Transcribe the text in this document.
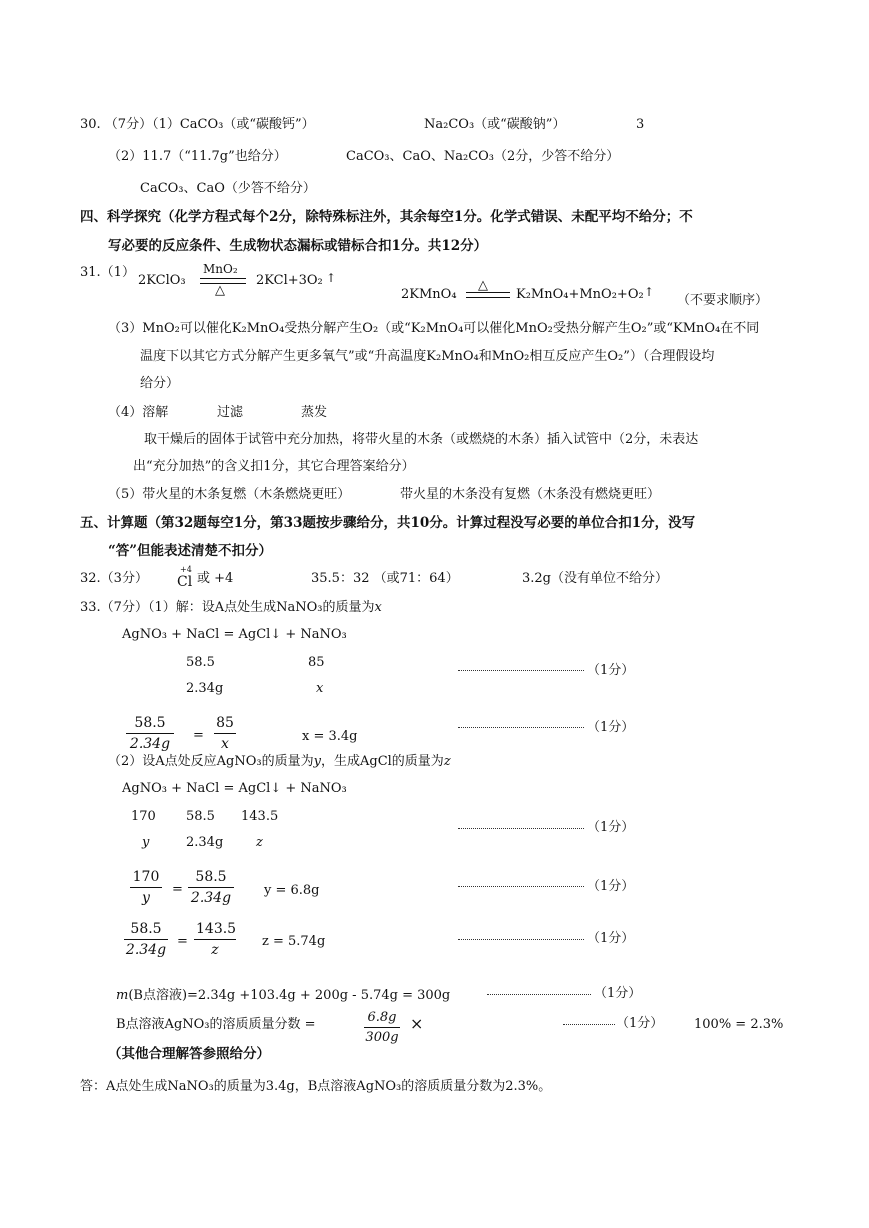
30. （7分）（1）CaCO₃（或“碳酸钙”）	Na₂CO₃（或“碳酸钠”）	3
（2）11.7（“11.7g”也给分）	CaCO₃、CaO、Na₂CO₃（2分，少答不给分）
CaCO₃、CaO（少答不给分）
四、科学探究（化学方程式每个2分，除特殊标注外，其余每空1分。化学式错误、未配平均不给分；不
写必要的反应条件、生成物状态漏标或错标合扣1分。共12分）
31.（1）
2KClO₃
MnO₂
△
2KCl+3O₂ ↑	△
2KMnO₄	K₂MnO₄+MnO₂+O₂ ↑
（不要求顺序）
（3）MnO₂可以催化K₂MnO₄受热分解产生O₂（或“K₂MnO₄可以催化MnO₂受热分解产生O₂”或“KMnO₄在不同
温度下以其它方式分解产生更多氧气”或“升高温度K₂MnO₄和MnO₂相互反应产生O₂”）（合理假设均
给分）
（4）溶解	过滤	蒸发
取干燥后的固体于试管中充分加热，将带火星的木条（或燃烧的木条）插入试管中（2分，未表达
出“充分加热”的含义扣1分，其它合理答案给分）
（5）带火星的木条复燃（木条燃烧更旺）	带火星的木条没有复燃（木条没有燃烧更旺）
五、计算题（第32题每空1分，第33题按步骤给分，共10分。计算过程没写必要的单位合扣1分，没写
“答”但能表述清楚不扣分）
32.（3分）
+4
Cl 或 +4	35.5：32 （或71：64）	3.2g（没有单位不给分）
33.（7分）（1）解：设A点处生成NaNO₃的质量为x
AgNO₃ + NaCl = AgCl↓ + NaNO₃
58.5	85
2.34g	x
（1分）
58.5
2.34g
=
85
x	x = 3.4g
（1分）
（2）设A点处反应AgNO₃的质量为y，生成AgCl的质量为z
AgNO₃ + NaCl = AgCl↓ + NaNO₃
170 58.5 143.5
y	2.34g	z
（1分）
170
y
=
58.5
2.34g	y = 6.8g	（1分）
58.5
2.34g
=
143.5
z
z = 5.74g	（1分）
m(B点溶液)=2.34g +103.4g + 200g - 5.74g = 300g	（1分）
B点溶液AgNO₃的溶质质量分数 =	6.8g
300g
×	（1分） 100% = 2.3%
（其他合理解答参照给分）
答：A点处生成NaNO₃的质量为3.4g，B点溶液AgNO₃的溶质质量分数为2.3%。
